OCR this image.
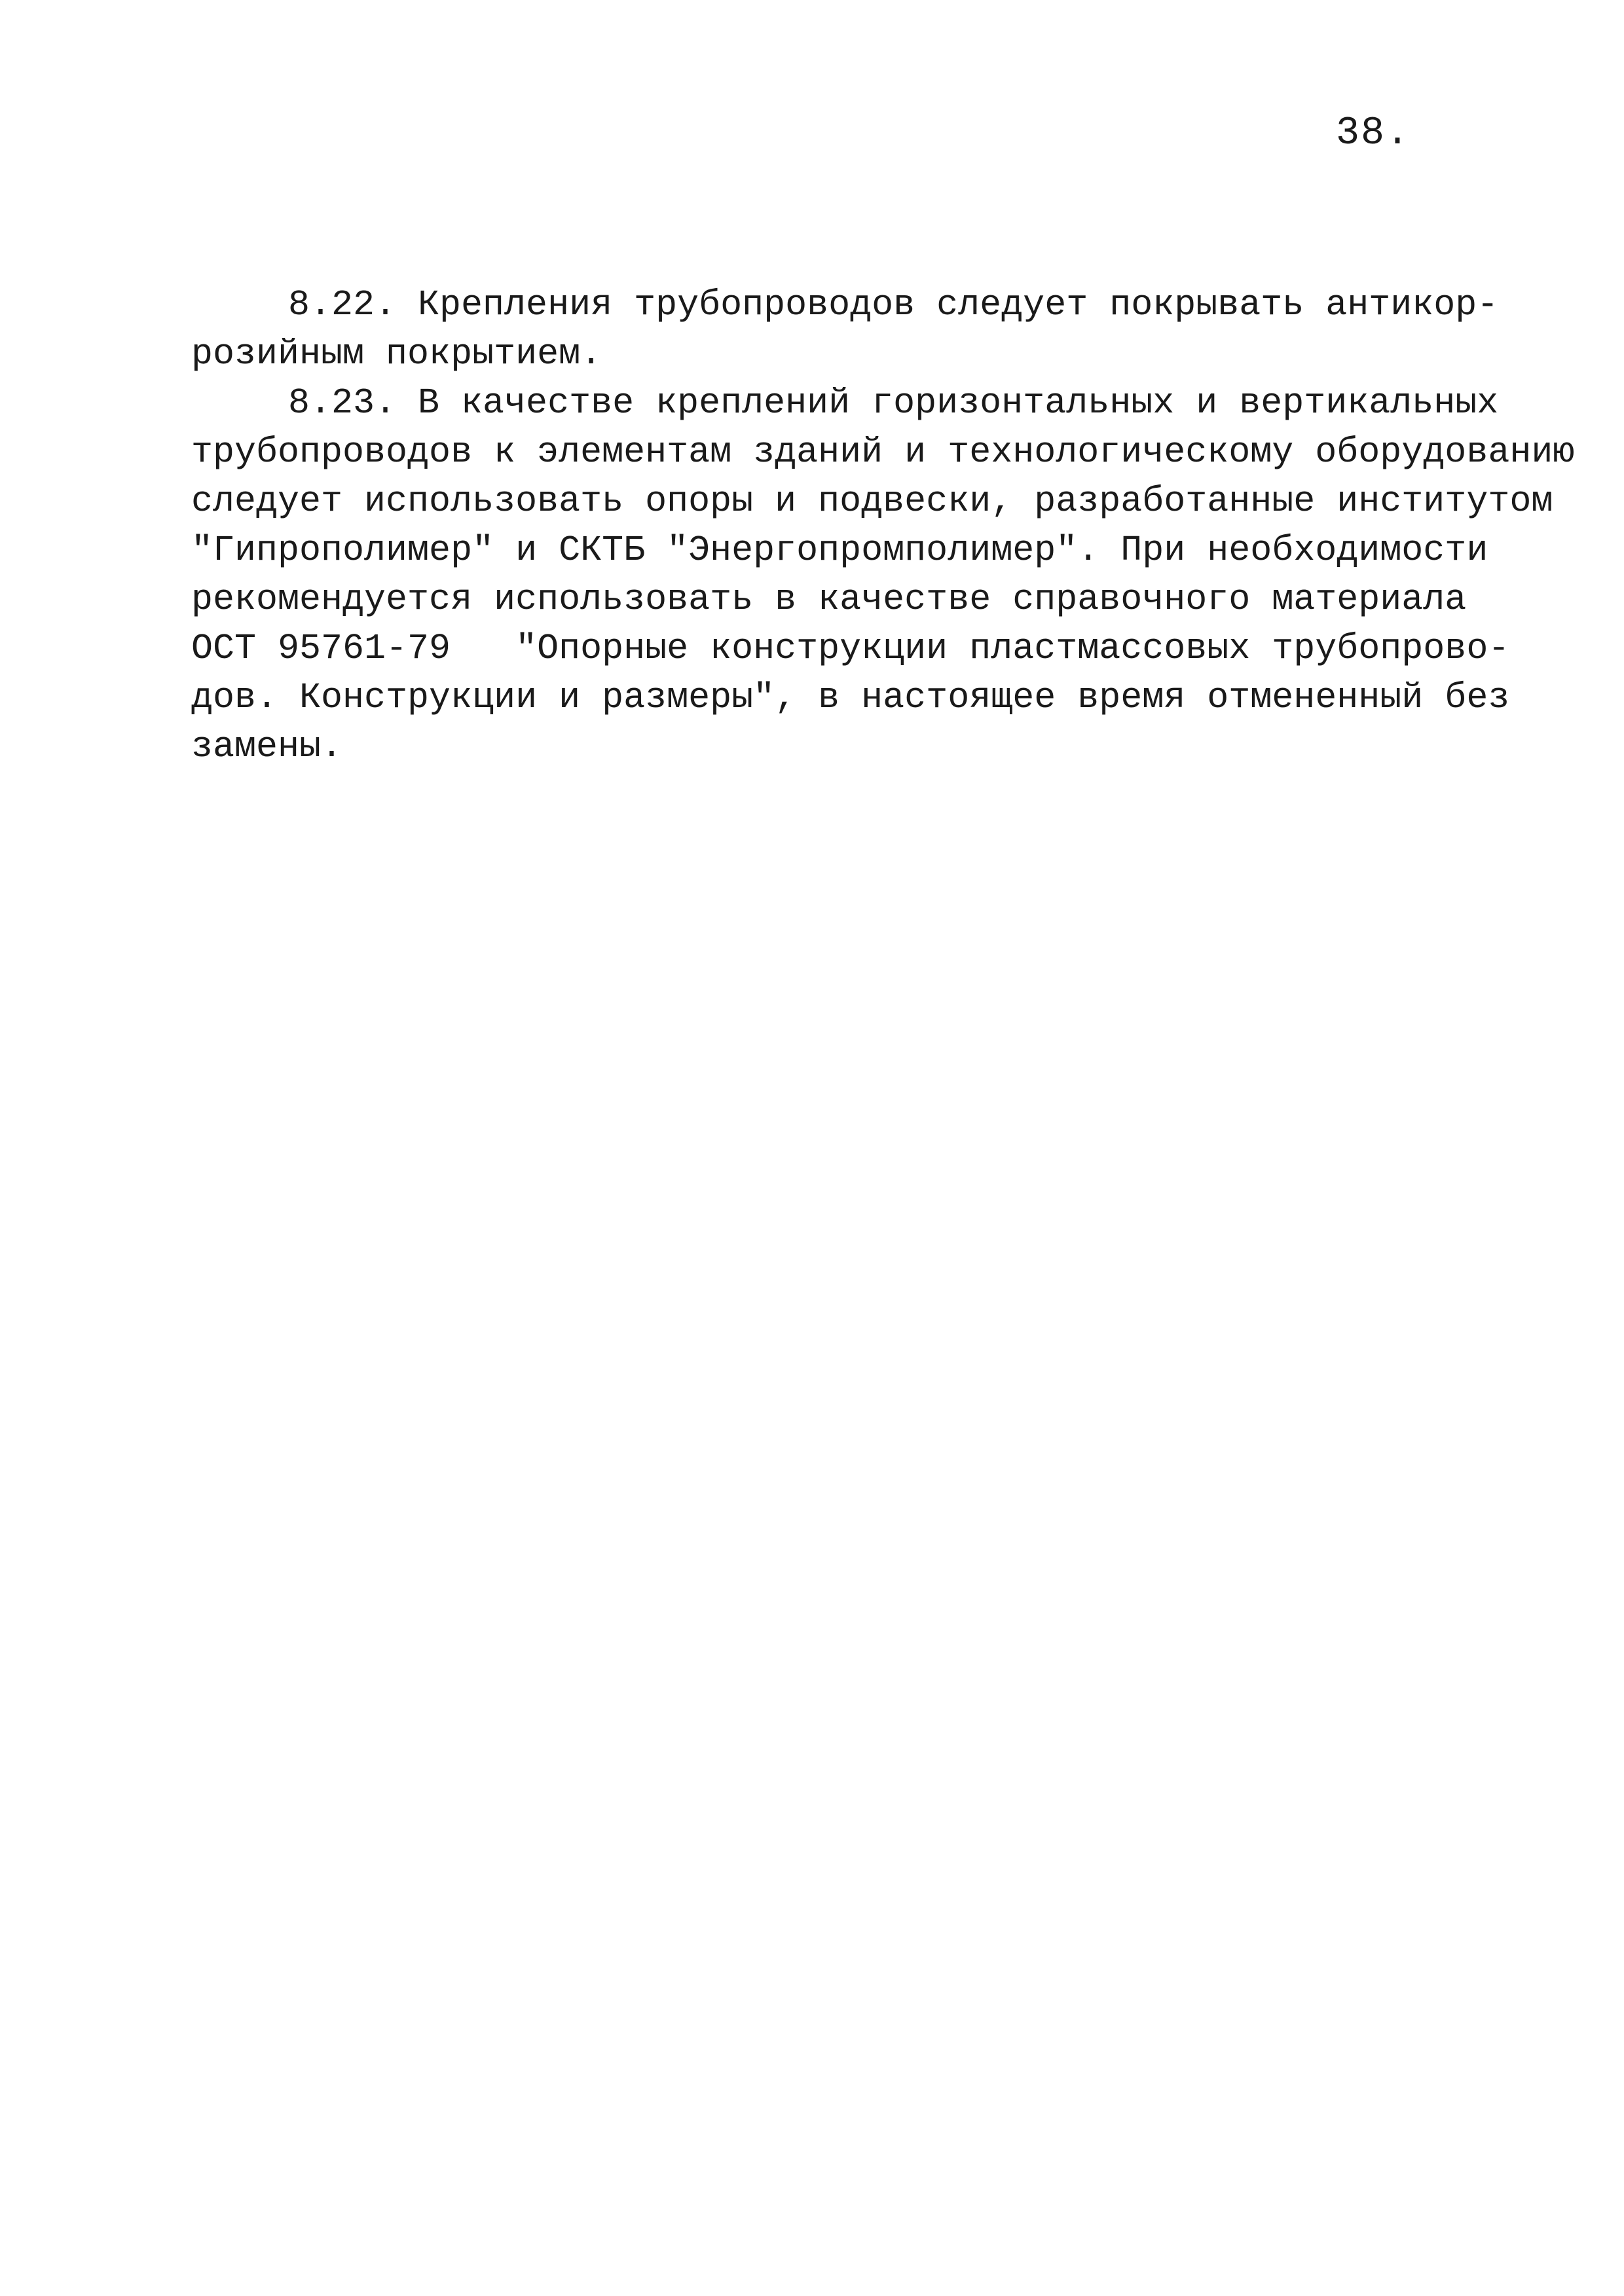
38.
8.22. Крепления трубопроводов следует покрывать антикор-
розийным покрытием.
8.23. В качестве креплений горизонтальных и вертикальных
трубопроводов к элементам зданий и технологическому оборудованию
следует использовать опоры и подвески, разработанные институтом
"Гипрополимер" и СКТБ "Энергопромполимер". При необходимости
рекомендуется использовать в качестве справочного материала
ОСТ 95761-79   "Опорные конструкции пластмассовых трубопрово-
дов. Конструкции и размеры", в настоящее время отмененный без
замены.
